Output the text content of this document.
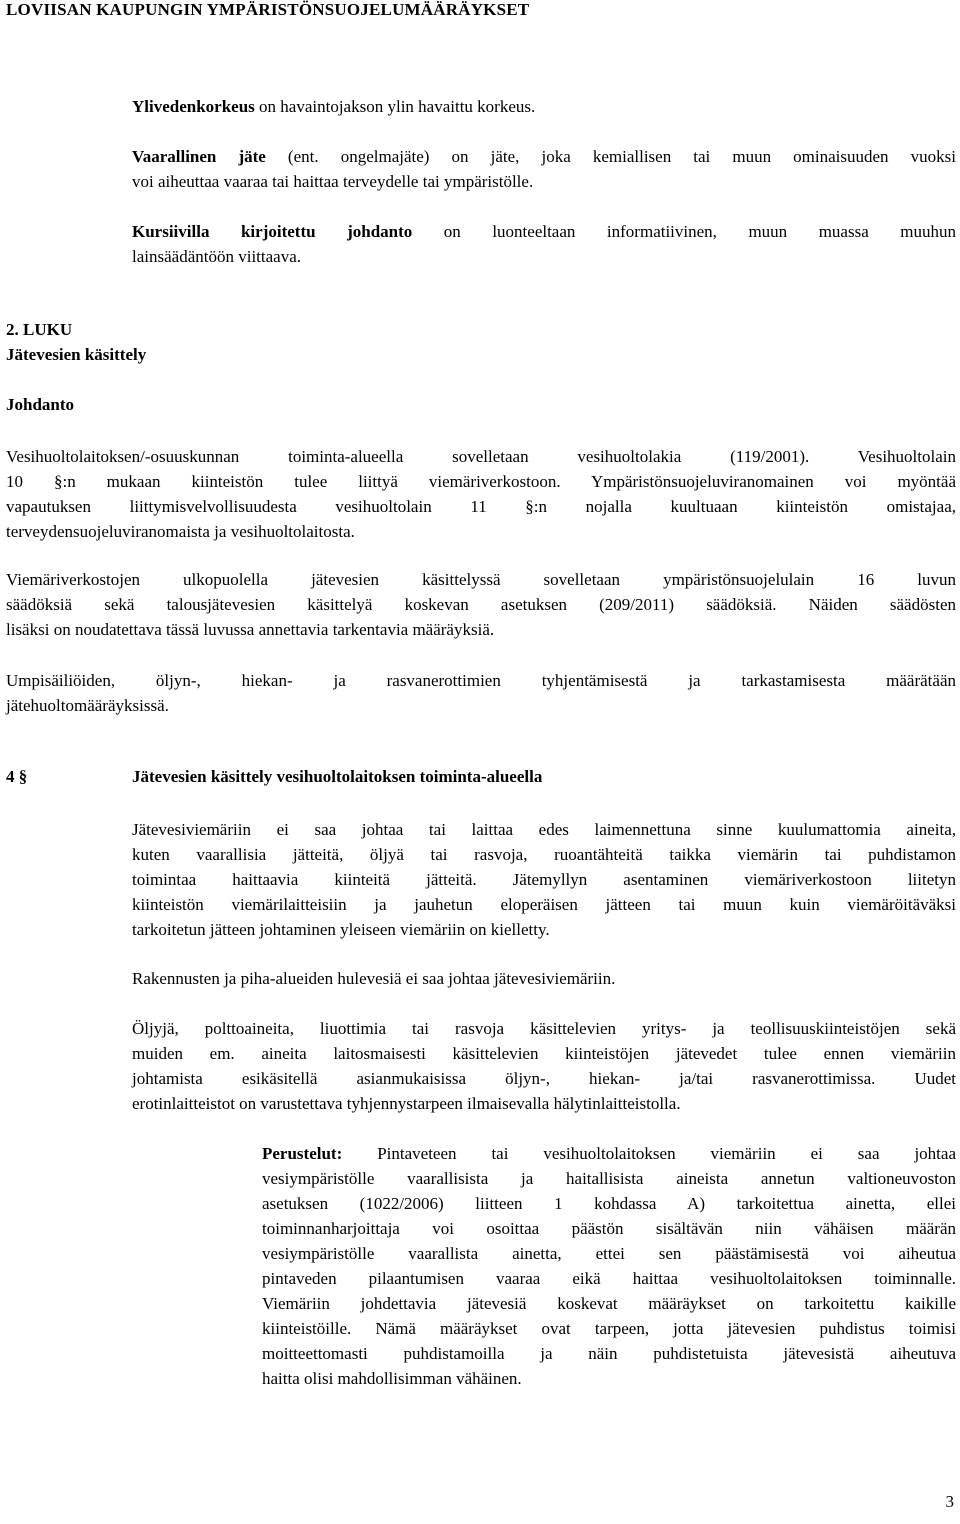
LOVIISAN KAUPUNGIN YMPÄRISTÖNSUOJELUMÄÄRÄYKSET
Ylivedenkorkeus on havaintojakson ylin havaittu korkeus.
Vaarallinen jäte (ent. ongelmajäte) on jäte, joka kemiallisen tai muun ominaisuuden vuoksi
voi aiheuttaa vaaraa tai haittaa terveydelle tai ympäristölle.
Kursiivilla kirjoitettu johdanto on luonteeltaan informatiivinen, muun muassa muuhun
lainsäädäntöön viittaava.
2. LUKU
Jätevesien käsittely
Johdanto
Vesihuoltolaitoksen/-osuuskunnan toiminta-alueella sovelletaan vesihuoltolakia (119/2001). Vesihuoltolain
10 §:n mukaan kiinteistön tulee liittyä viemäriverkostoon. Ympäristönsuojeluviranomainen voi myöntää
vapautuksen liittymisvelvollisuudesta vesihuoltolain 11 §:n nojalla kuultuaan kiinteistön omistajaa,
terveydensuojeluviranomaista ja vesihuoltolaitosta.
Viemäriverkostojen ulkopuolella jätevesien käsittelyssä sovelletaan ympäristönsuojelulain 16 luvun
säädöksiä sekä talousjätevesien käsittelyä koskevan asetuksen (209/2011) säädöksiä. Näiden säädösten
lisäksi on noudatettava tässä luvussa annettavia tarkentavia määräyksiä.
Umpisäiliöiden, öljyn-, hiekan- ja rasvanerottimien tyhjentämisestä ja tarkastamisesta määrätään
jätehuoltomääräyksissä.
4 §	Jätevesien käsittely vesihuoltolaitoksen toiminta-alueella
Jätevesiviemäriin ei saa johtaa tai laittaa edes laimennettuna sinne kuulumattomia aineita,
kuten vaarallisia jätteitä, öljyä tai rasvoja, ruoantähteitä taikka viemärin tai puhdistamon
toimintaa haittaavia kiinteitä jätteitä. Jätemyllyn asentaminen viemäriverkostoon liitetyn
kiinteistön viemärilaitteisiin ja jauhetun eloperäisen jätteen tai muun kuin viemäröitäväksi
tarkoitetun jätteen johtaminen yleiseen viemäriin on kielletty.
Rakennusten ja piha-alueiden hulevesiä ei saa johtaa jätevesiviemäriin.
Öljyjä, polttoaineita, liuottimia tai rasvoja käsittelevien yritys- ja teollisuuskiinteistöjen sekä
muiden em. aineita laitosmaisesti käsittelevien kiinteistöjen jätevedet tulee ennen viemäriin
johtamista esikäsitellä asianmukaisissa öljyn-, hiekan- ja/tai rasvanerottimissa. Uudet
erotinlaitteistot on varustettava tyhjennystarpeen ilmaisevalla hälytinlaitteistolla.
Perustelut: Pintaveteen tai vesihuoltolaitoksen viemäriin ei saa johtaa
vesiympäristölle vaarallisista ja haitallisista aineista annetun valtioneuvoston
asetuksen (1022/2006) liitteen 1 kohdassa A) tarkoitettua ainetta, ellei
toiminnanharjoittaja voi osoittaa päästön sisältävän niin vähäisen määrän
vesiympäristölle vaarallista ainetta, ettei sen päästämisestä voi aiheutua
pintaveden pilaantumisen vaaraa eikä haittaa vesihuoltolaitoksen toiminnalle.
Viemäriin johdettavia jätevesiä koskevat määräykset on tarkoitettu kaikille
kiinteistöille. Nämä määräykset ovat tarpeen, jotta jätevesien puhdistus toimisi
moitteettomasti puhdistamoilla ja näin puhdistetuista jätevesistä aiheutuva
haitta olisi mahdollisimman vähäinen.
3
